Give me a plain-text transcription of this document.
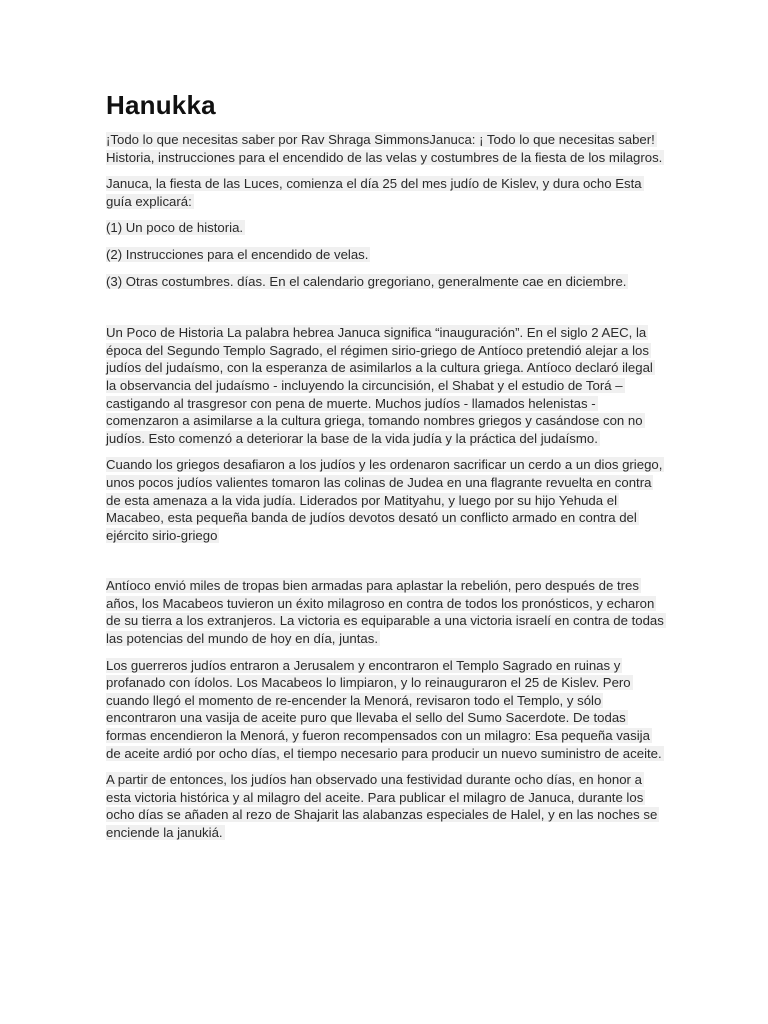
Hanukka

¡Todo lo que necesitas saber por Rav Shraga SimmonsJanuca: ¡ Todo lo que necesitas saber! Historia, instrucciones para el encendido de las velas y costumbres de la fiesta de los milagros.

Januca, la fiesta de las Luces, comienza el día 25 del mes judío de Kislev, y dura ocho Esta guía explicará:

(1) Un poco de historia.

(2) Instrucciones para el encendido de velas.

(3) Otras costumbres. días. En el calendario gregoriano, generalmente cae en diciembre.

Un Poco de Historia La palabra hebrea Januca significa “inauguración”. En el siglo 2 AEC, la época del Segundo Templo Sagrado, el régimen sirio-griego de Antíoco pretendió alejar a los judíos del judaísmo, con la esperanza de asimilarlos a la cultura griega. Antíoco declaró ilegal la observancia del judaísmo - incluyendo la circuncisión, el Shabat y el estudio de Torá – castigando al trasgresor con pena de muerte. Muchos judíos - llamados helenistas - comenzaron a asimilarse a la cultura griega, tomando nombres griegos y casándose con no judíos. Esto comenzó a deteriorar la base de la vida judía y la práctica del judaísmo.

Cuando los griegos desafiaron a los judíos y les ordenaron sacrificar un cerdo a un dios griego, unos pocos judíos valientes tomaron las colinas de Judea en una flagrante revuelta en contra de esta amenaza a la vida judía. Liderados por Matityahu, y luego por su hijo Yehuda el Macabeo, esta pequeña banda de judíos devotos desató un conflicto armado en contra del ejército sirio-griego

Antíoco envió miles de tropas bien armadas para aplastar la rebelión, pero después de tres años, los Macabeos tuvieron un éxito milagroso en contra de todos los pronósticos, y echaron de su tierra a los extranjeros. La victoria es equiparable a una victoria israelí en contra de todas las potencias del mundo de hoy en día, juntas.

Los guerreros judíos entraron a Jerusalem y encontraron el Templo Sagrado en ruinas y profanado con ídolos. Los Macabeos lo limpiaron, y lo reinauguraron el 25 de Kislev. Pero cuando llegó el momento de re-encender la Menorá, revisaron todo el Templo, y sólo encontraron una vasija de aceite puro que llevaba el sello del Sumo Sacerdote. De todas formas encendieron la Menorá, y fueron recompensados con un milagro: Esa pequeña vasija de aceite ardió por ocho días, el tiempo necesario para producir un nuevo suministro de aceite.

A partir de entonces, los judíos han observado una festividad durante ocho días, en honor a esta victoria histórica y al milagro del aceite. Para publicar el milagro de Januca, durante los ocho días se añaden al rezo de Shajarit las alabanzas especiales de Halel, y en las noches se enciende la janukiá.
